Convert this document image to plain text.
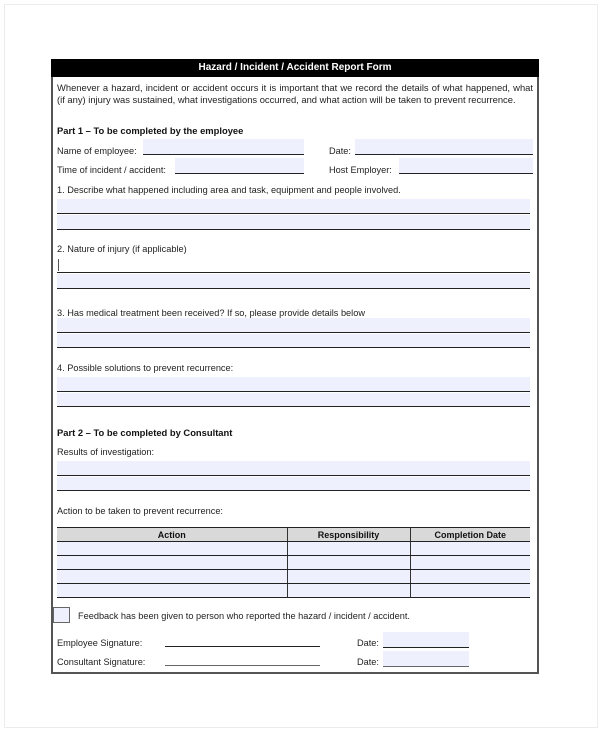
Hazard / Incident / Accident Report Form

Whenever a hazard, incident or accident occurs it is important that we record the details of what happened, what (if any) injury was sustained, what investigations occurred, and what action will be taken to prevent recurrence.

Part 1 – To be completed by the employee
Name of employee:	Date:
Time of incident / accident:	Host Employer:
1. Describe what happened including area and task, equipment and people involved.
2. Nature of injury (if applicable)
3. Has medical treatment been received? If so, please provide details below
4. Possible solutions to prevent recurrence:
Part 2 – To be completed by Consultant
Results of investigation:
Action to be taken to prevent recurrence:
Action	Responsibility	Completion Date

Feedback has been given to person who reported the hazard / incident / accident.
Employee Signature:	Date:
Consultant Signature:	Date:
